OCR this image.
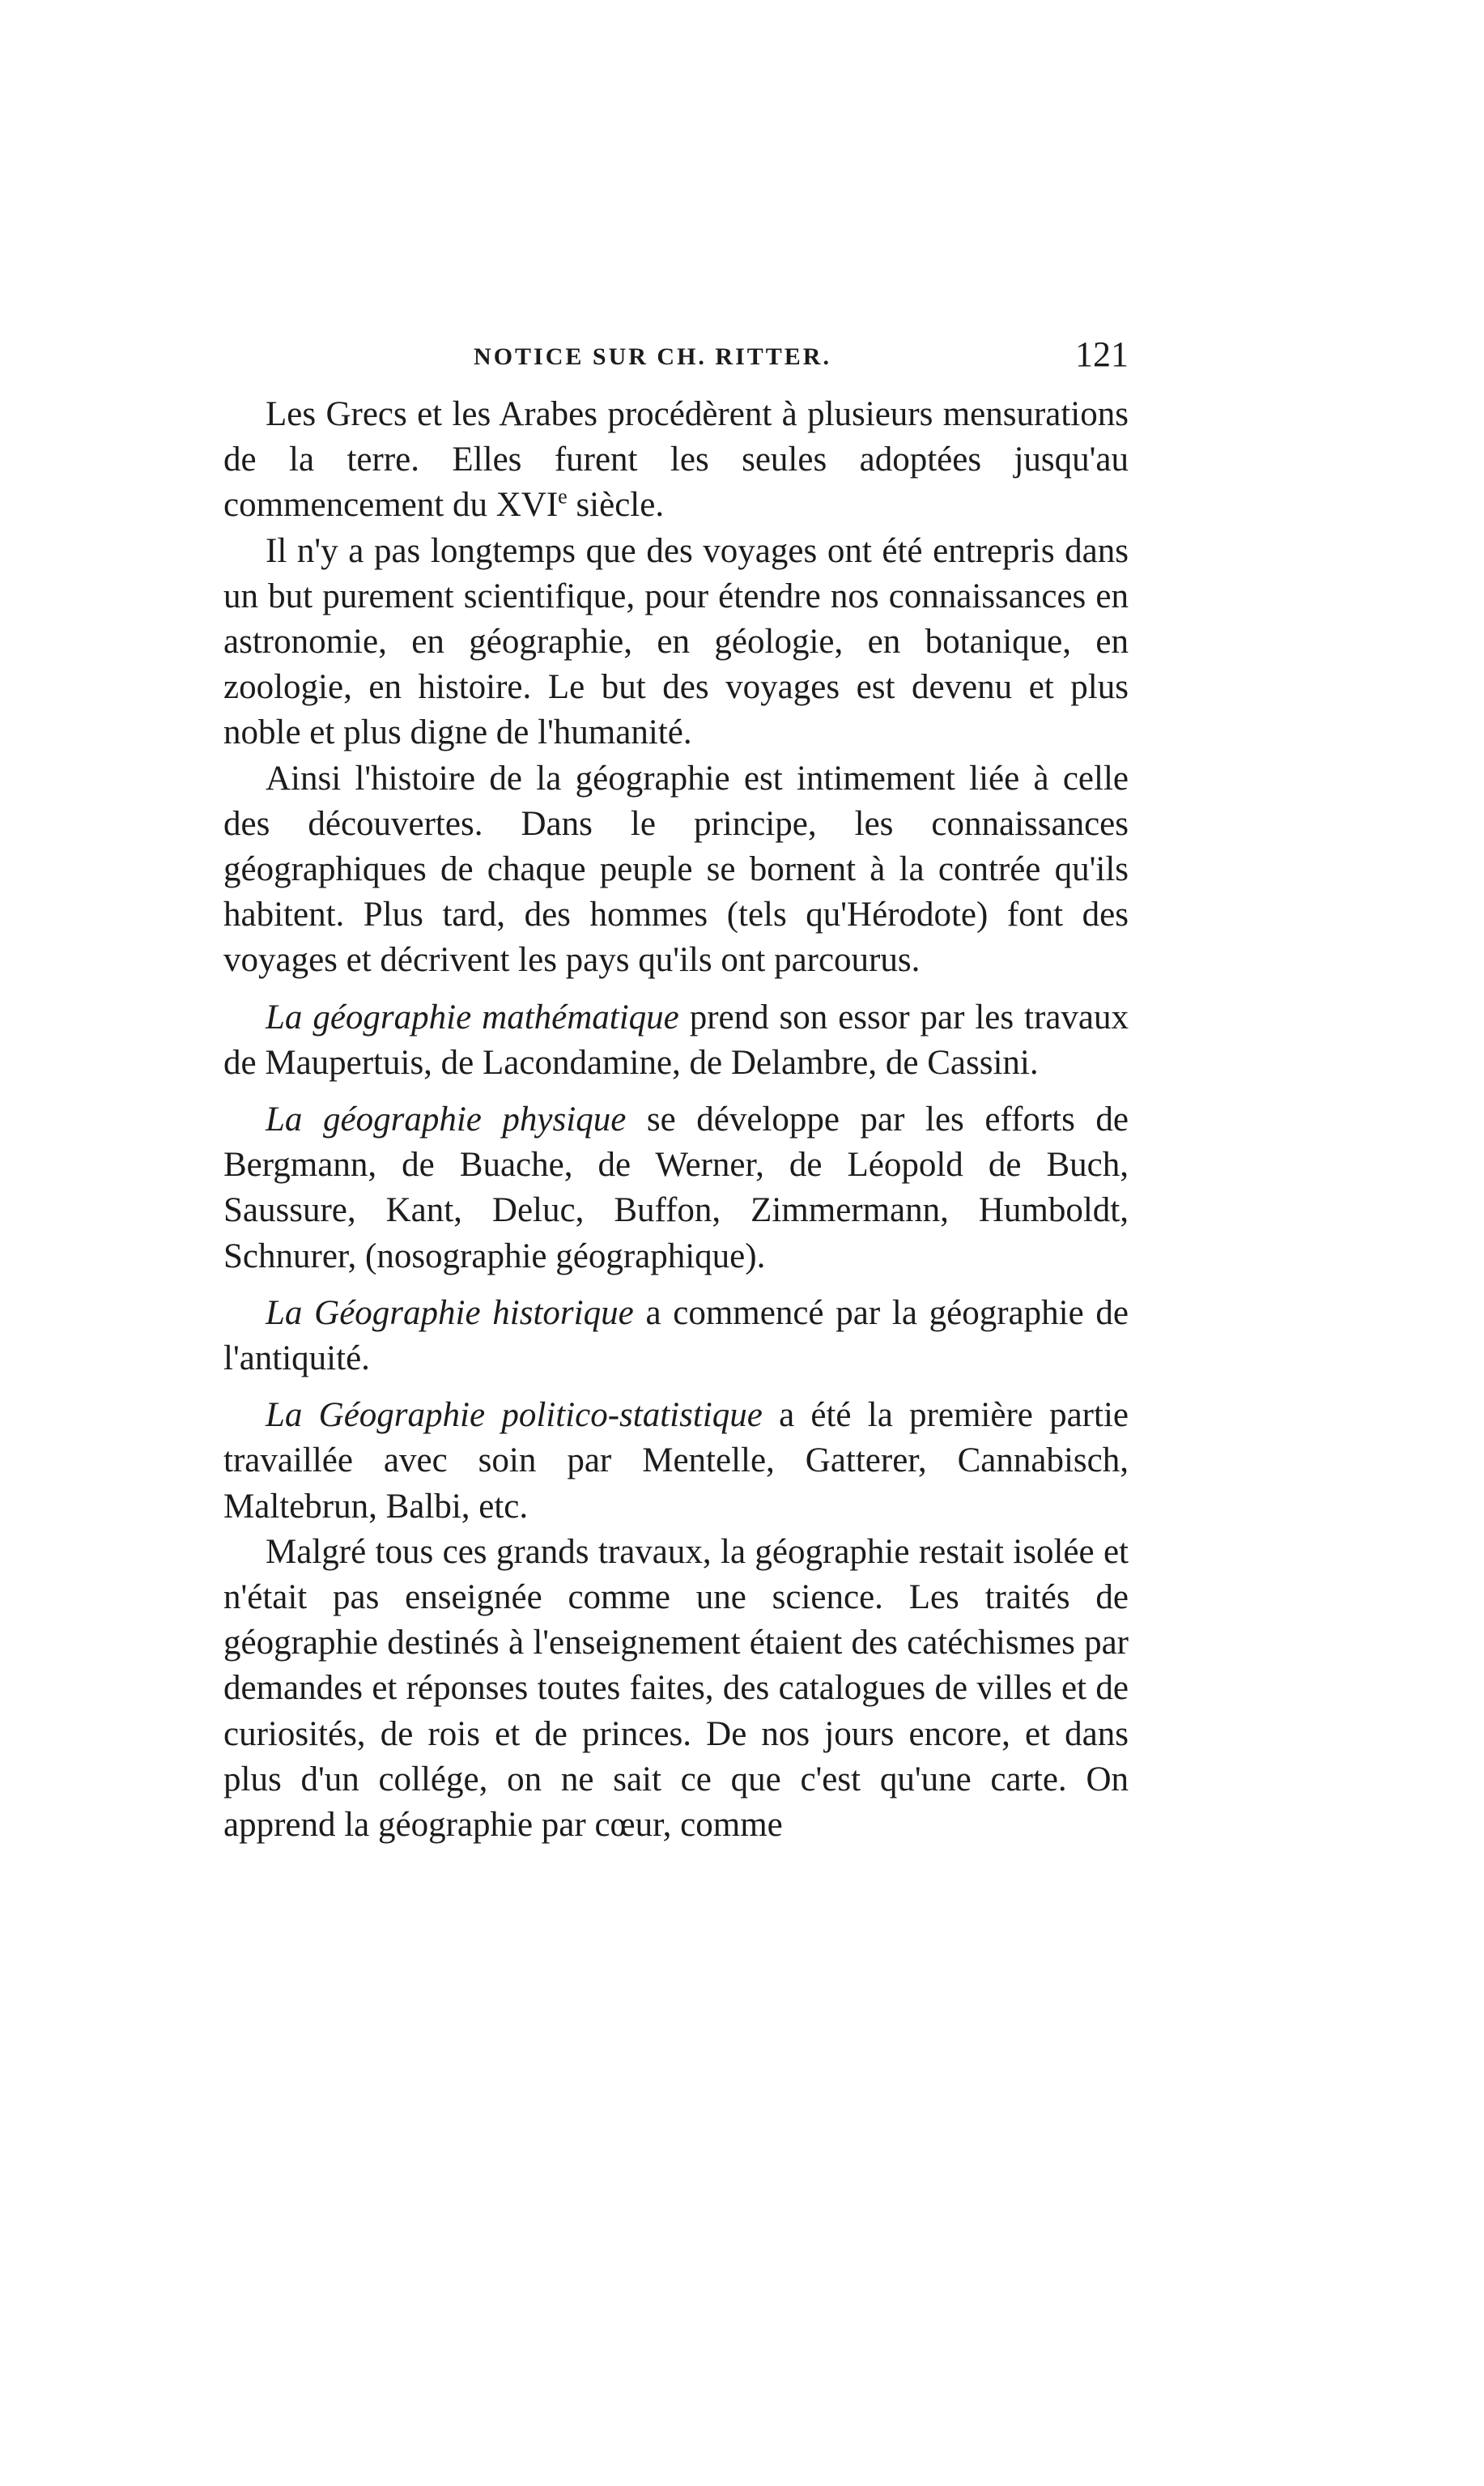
NOTICE SUR CH. RITTER.	121

Les Grecs et les Arabes procédèrent à plusieurs mensurations de la terre. Elles furent les seules adoptées jusqu'au commencement du XVIe siècle.

Il n'y a pas longtemps que des voyages ont été entrepris dans un but purement scientifique, pour étendre nos connaissances en astronomie, en géographie, en géologie, en botanique, en zoologie, en histoire. Le but des voyages est devenu et plus noble et plus digne de l'humanité.

Ainsi l'histoire de la géographie est intimement liée à celle des découvertes. Dans le principe, les connaissances géographiques de chaque peuple se bornent à la contrée qu'ils habitent. Plus tard, des hommes (tels qu'Hérodote) font des voyages et décrivent les pays qu'ils ont parcourus.

La géographie mathématique prend son essor par les travaux de Maupertuis, de Lacondamine, de Delambre, de Cassini.

La géographie physique se développe par les efforts de Bergmann, de Buache, de Werner, de Léopold de Buch, Saussure, Kant, Deluc, Buffon, Zimmermann, Humboldt, Schnurer, (nosographie géographique).

La Géographie historique a commencé par la géographie de l'antiquité.

La Géographie politico-statistique a été la première partie travaillée avec soin par Mentelle, Gatterer, Cannabisch, Maltebrun, Balbi, etc.

Malgré tous ces grands travaux, la géographie restait isolée et n'était pas enseignée comme une science. Les traités de géographie destinés à l'enseignement étaient des catéchismes par demandes et réponses toutes faites, des catalogues de villes et de curiosités, de rois et de princes. De nos jours encore, et dans plus d'un collége, on ne sait ce que c'est qu'une carte. On apprend la géographie par cœur, comme
